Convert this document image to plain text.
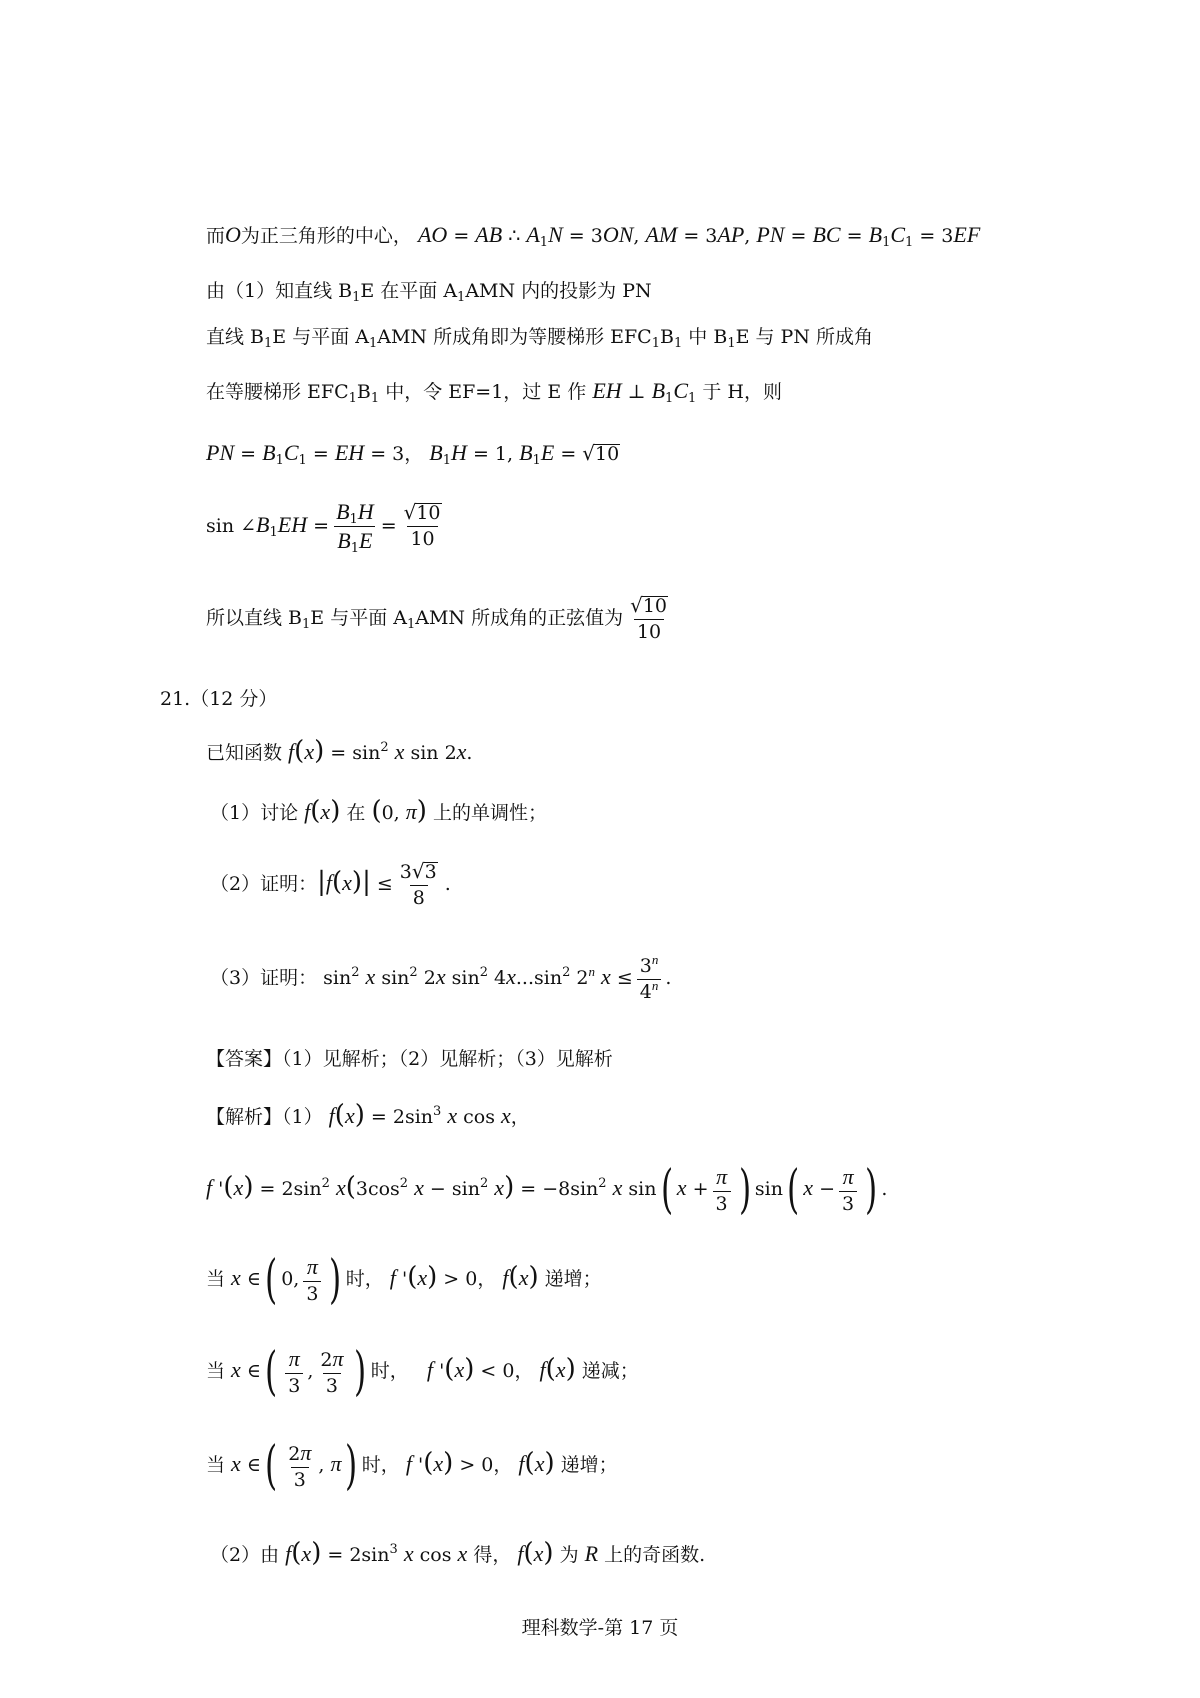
而O为正三角形的中心， AO = AB ∴ $A_1N = 3ON$, AM = 3AP, PN = BC = $B_1C_1 = 3EF$
由（1）知直线 $B_1E$ 在平面 $A_1AMN$ 内的投影为 PN
直线 $B_1E$ 与平面 $A_1AMN$ 所成角即为等腰梯形 $EFC_1B_1$ 中 $B_1E$ 与 PN 所成角
在等腰梯形 $EFC_1B_1$ 中，令 EF=1，过 E 作 EH ⊥ $B_1C_1$ 于 H，则
PN = $B_1C_1$ = EH = 3， $B_1H = 1$, $B_1E$ = √ 10
$\sin \angle B_1EH = \frac{B_1H}{B_1E} = \frac{√ 10}{10}$
所以直线 $B_1E$ 与平面 $A_1AMN$ 所成角的正弦值为 $\frac{√ 10}{10}$
21.（12 分）
已知函数 $f(x) = \sin^2 x$ sin 2x.
（1）讨论 f(x) 在 (0, π) 上的单调性；
（2）证明：$|f(x)| \le \frac{3 √ 3}{8}$ .
（3）证明： $\sin^2 x$ $\sin^2 2x$ $\sin^2 4x...\sin^2$ 2$^n$ $x \le \frac{3^n}{4^n}$ .
【答案】（1）见解析；（2）见解析；（3）见解析
【解析】（1） $f(x) = 2\sin^3$ x cos x，
f '$(x) = 2\sin^2$ $x(3\cos^2$ $x - \sin^2 x) = -8\sin^2$ x sin( $x + \frac{\pi}{3}$ ) sin( $x - \frac{\pi}{3}$ ) .
当 x ∈( 0, $\frac{\pi}{3}$ ) 时， f '(x) > 0， f(x) 递增；
当 x ∈( $\frac{\pi}{3}$ , $\frac{2\pi}{3}$ ) 时，   f '(x) < 0， f(x) 递减；
当 x ∈( $\frac{2\pi}{3}$ , π) 时， f '(x) > 0， f(x) 递增；
（2）由 $f(x) = 2\sin^3$ x cos x 得， f(x) 为 R 上的奇函数.
理科数学-第 17 页
